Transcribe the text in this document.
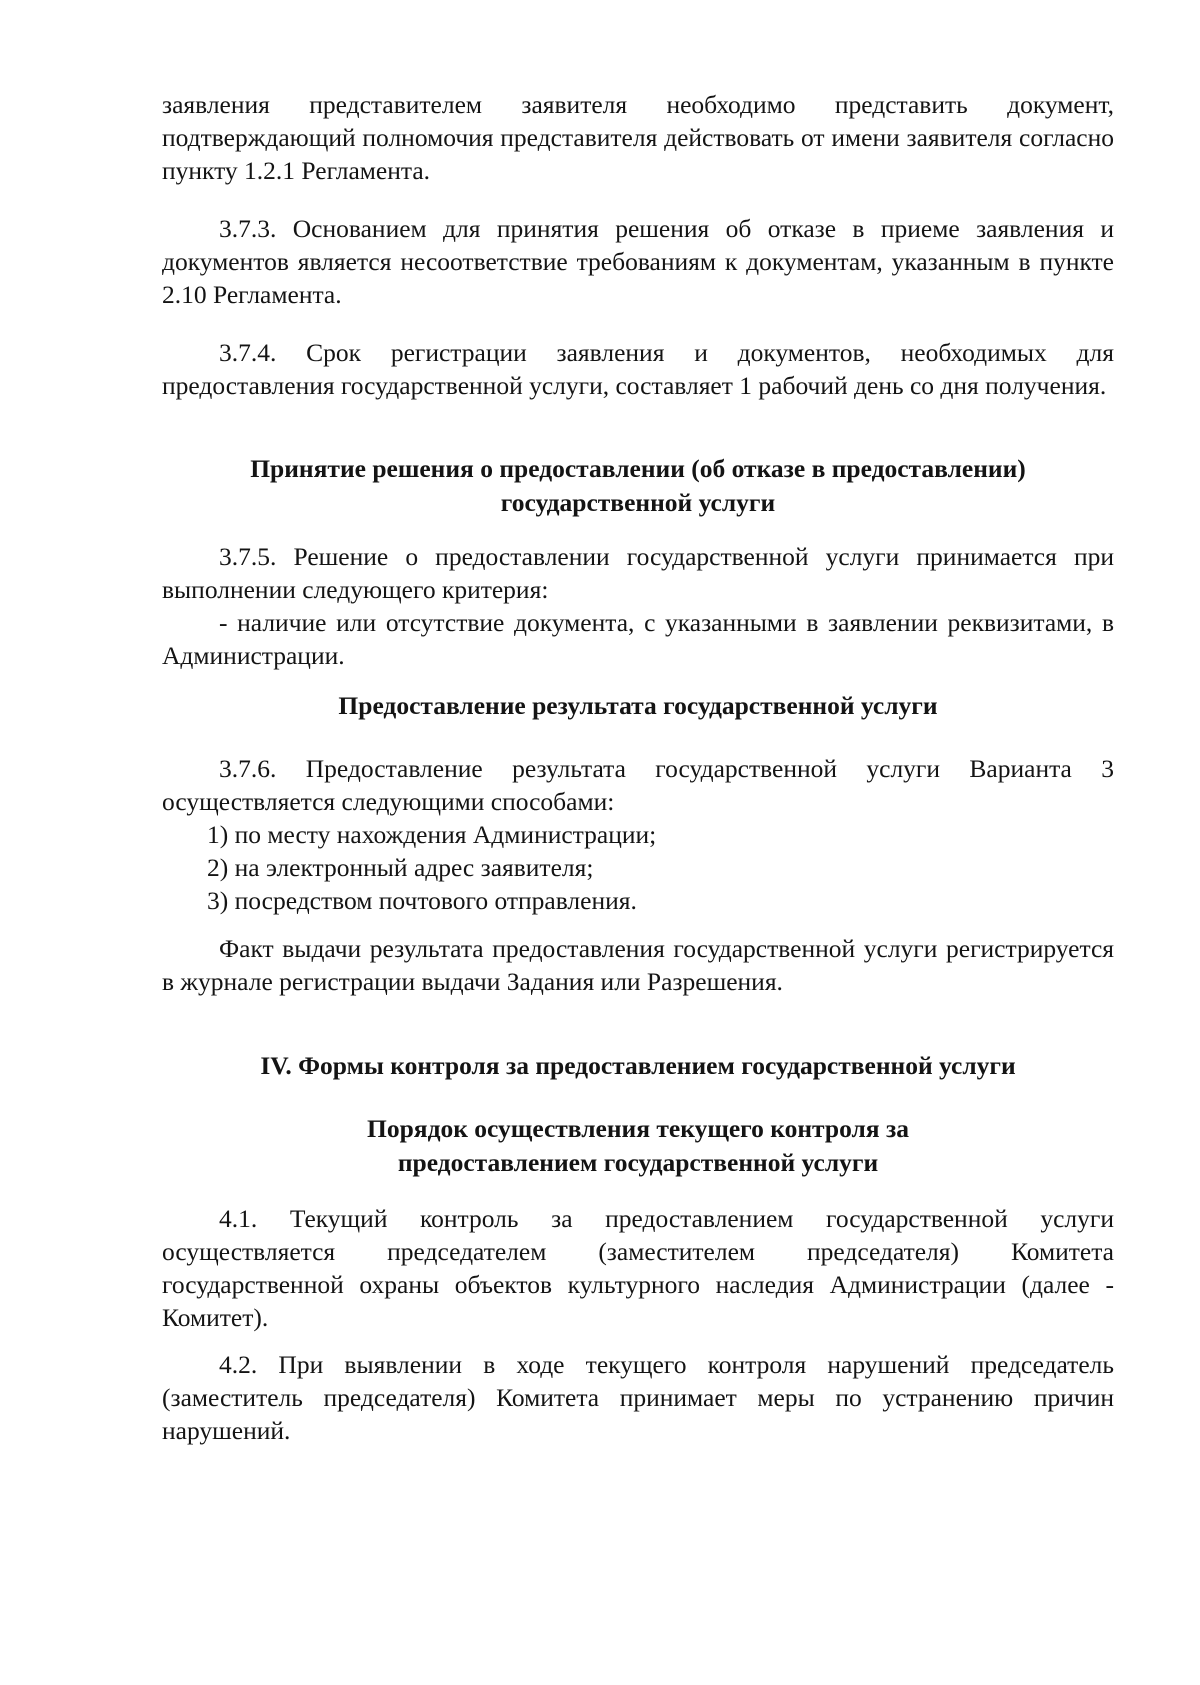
заявления представителем заявителя необходимо представить документ, подтверждающий полномочия представителя действовать от имени заявителя согласно пункту 1.2.1 Регламента.

3.7.3. Основанием для принятия решения об отказе в приеме заявления и документов является несоответствие требованиям к документам, указанным в пункте 2.10 Регламента.

3.7.4. Срок регистрации заявления и документов, необходимых для предоставления государственной услуги, составляет 1 рабочий день со дня получения.

Принятие решения о предоставлении (об отказе в предоставлении)
государственной услуги

3.7.5. Решение о предоставлении государственной услуги принимается при выполнении следующего критерия:

- наличие или отсутствие документа, с указанными в заявлении реквизитами, в Администрации.

Предоставление результата государственной услуги

3.7.6. Предоставление результата государственной услуги Варианта 3 осуществляется следующими способами:

1) по месту нахождения Администрации;

2) на электронный адрес заявителя;

3) посредством почтового отправления.

Факт выдачи результата предоставления государственной услуги регистрируется в журнале регистрации выдачи Задания или Разрешения.

IV. Формы контроля за предоставлением государственной услуги
Порядок осуществления текущего контроля за
предоставлением государственной услуги

4.1. Текущий контроль за предоставлением государственной услуги осуществляется председателем (заместителем председателя) Комитета государственной охраны объектов культурного наследия Администрации (далее - Комитет).

4.2. При выявлении в ходе текущего контроля нарушений председатель (заместитель председателя) Комитета принимает меры по устранению причин нарушений.
